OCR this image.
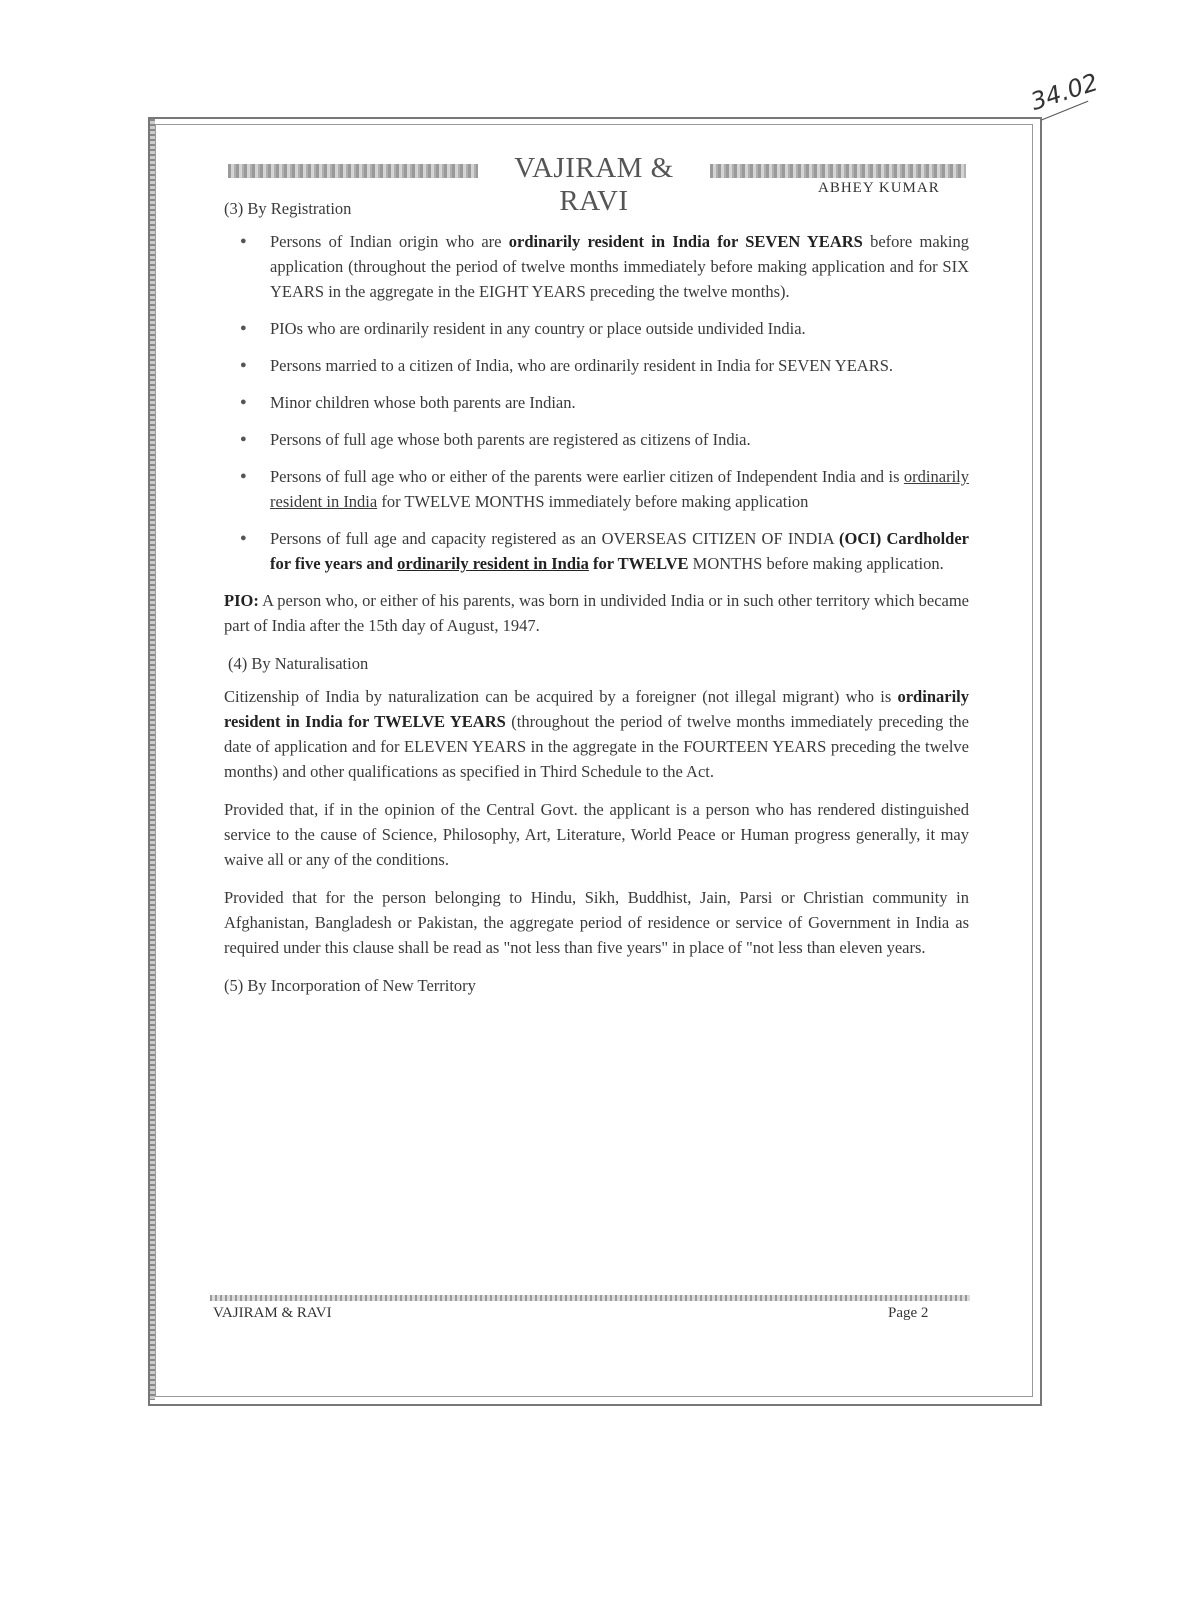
34.02
VAJIRAM & RAVI	ABHEY KUMAR
(3) By Registration
● Persons of Indian origin who are ordinarily resident in India for SEVEN YEARS before making application (throughout the period of twelve months immediately before making application and for SIX YEARS in the aggregate in the EIGHT YEARS preceding the twelve months).
● PIOs who are ordinarily resident in any country or place outside undivided India.
● Persons married to a citizen of India, who are ordinarily resident in India for SEVEN YEARS.
● Minor children whose both parents are Indian.
● Persons of full age whose both parents are registered as citizens of India.
● Persons of full age who or either of the parents were earlier citizen of Independent India and is ordinarily resident in India for TWELVE MONTHS immediately before making application
● Persons of full age and capacity registered as an OVERSEAS CITIZEN OF INDIA (OCI) Cardholder for five years and ordinarily resident in India for TWELVE MONTHS before making application.

PIO: A person who, or either of his parents, was born in undivided India or in such other territory which became part of India after the 15th day of August, 1947.

(4) By Naturalisation

Citizenship of India by naturalization can be acquired by a foreigner (not illegal migrant) who is ordinarily resident in India for TWELVE YEARS (throughout the period of twelve months immediately preceding the date of application and for ELEVEN YEARS in the aggregate in the FOURTEEN YEARS preceding the twelve months) and other qualifications as specified in Third Schedule to the Act.

Provided that, if in the opinion of the Central Govt. the applicant is a person who has rendered distinguished service to the cause of Science, Philosophy, Art, Literature, World Peace or Human progress generally, it may waive all or any of the conditions.

Provided that for the person belonging to Hindu, Sikh, Buddhist, Jain, Parsi or Christian community in Afghanistan, Bangladesh or Pakistan, the aggregate period of residence or service of Government in India as required under this clause shall be read as "not less than five years" in place of "not less than eleven years.

(5) By Incorporation of New Territory
VAJIRAM & RAVI	Page 2
